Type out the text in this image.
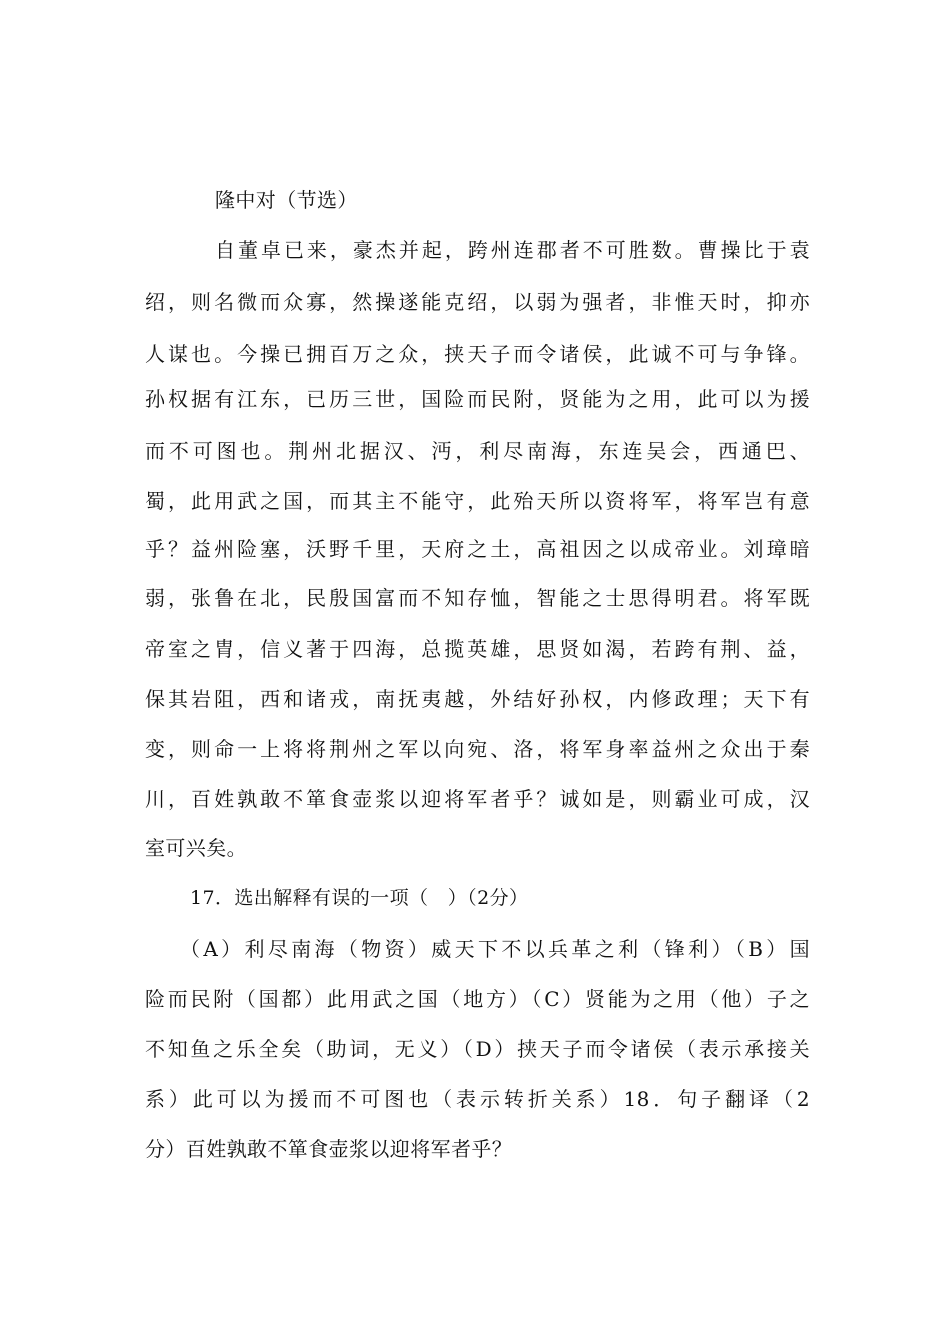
隆中对（节选）

自董卓已来，豪杰并起，跨州连郡者不可胜数。曹操比于袁

绍，则名微而众寡，然操遂能克绍，以弱为强者，非惟天时，抑亦

人谋也。今操已拥百万之众，挟天子而令诸侯，此诚不可与争锋。

孙权据有江东，已历三世，国险而民附，贤能为之用，此可以为援

而不可图也。荆州北据汉、沔，利尽南海，东连吴会，西通巴、

蜀，此用武之国，而其主不能守，此殆天所以资将军，将军岂有意

乎？益州险塞，沃野千里，天府之土，高祖因之以成帝业。刘璋暗

弱，张鲁在北，民殷国富而不知存恤，智能之士思得明君。将军既

帝室之胄，信义著于四海，总揽英雄，思贤如渴，若跨有荆、益，

保其岩阻，西和诸戎，南抚夷越，外结好孙权，内修政理；天下有

变，则命一上将将荆州之军以向宛、洛，将军身率益州之众出于秦

川，百姓孰敢不箪食壶浆以迎将军者乎？诚如是，则霸业可成，汉

室可兴矣。

17．选出解释有误的一项（　）（2分）

（A）利尽南海（物资）威天下不以兵革之利（锋利）（B）国

险而民附（国都）此用武之国（地方）（C）贤能为之用（他）子之

不知鱼之乐全矣（助词，无义）（D）挟天子而令诸侯（表示承接关

系）此可以为援而不可图也（表示转折关系）18．句子翻译（2

分）百姓孰敢不箪食壶浆以迎将军者乎？
